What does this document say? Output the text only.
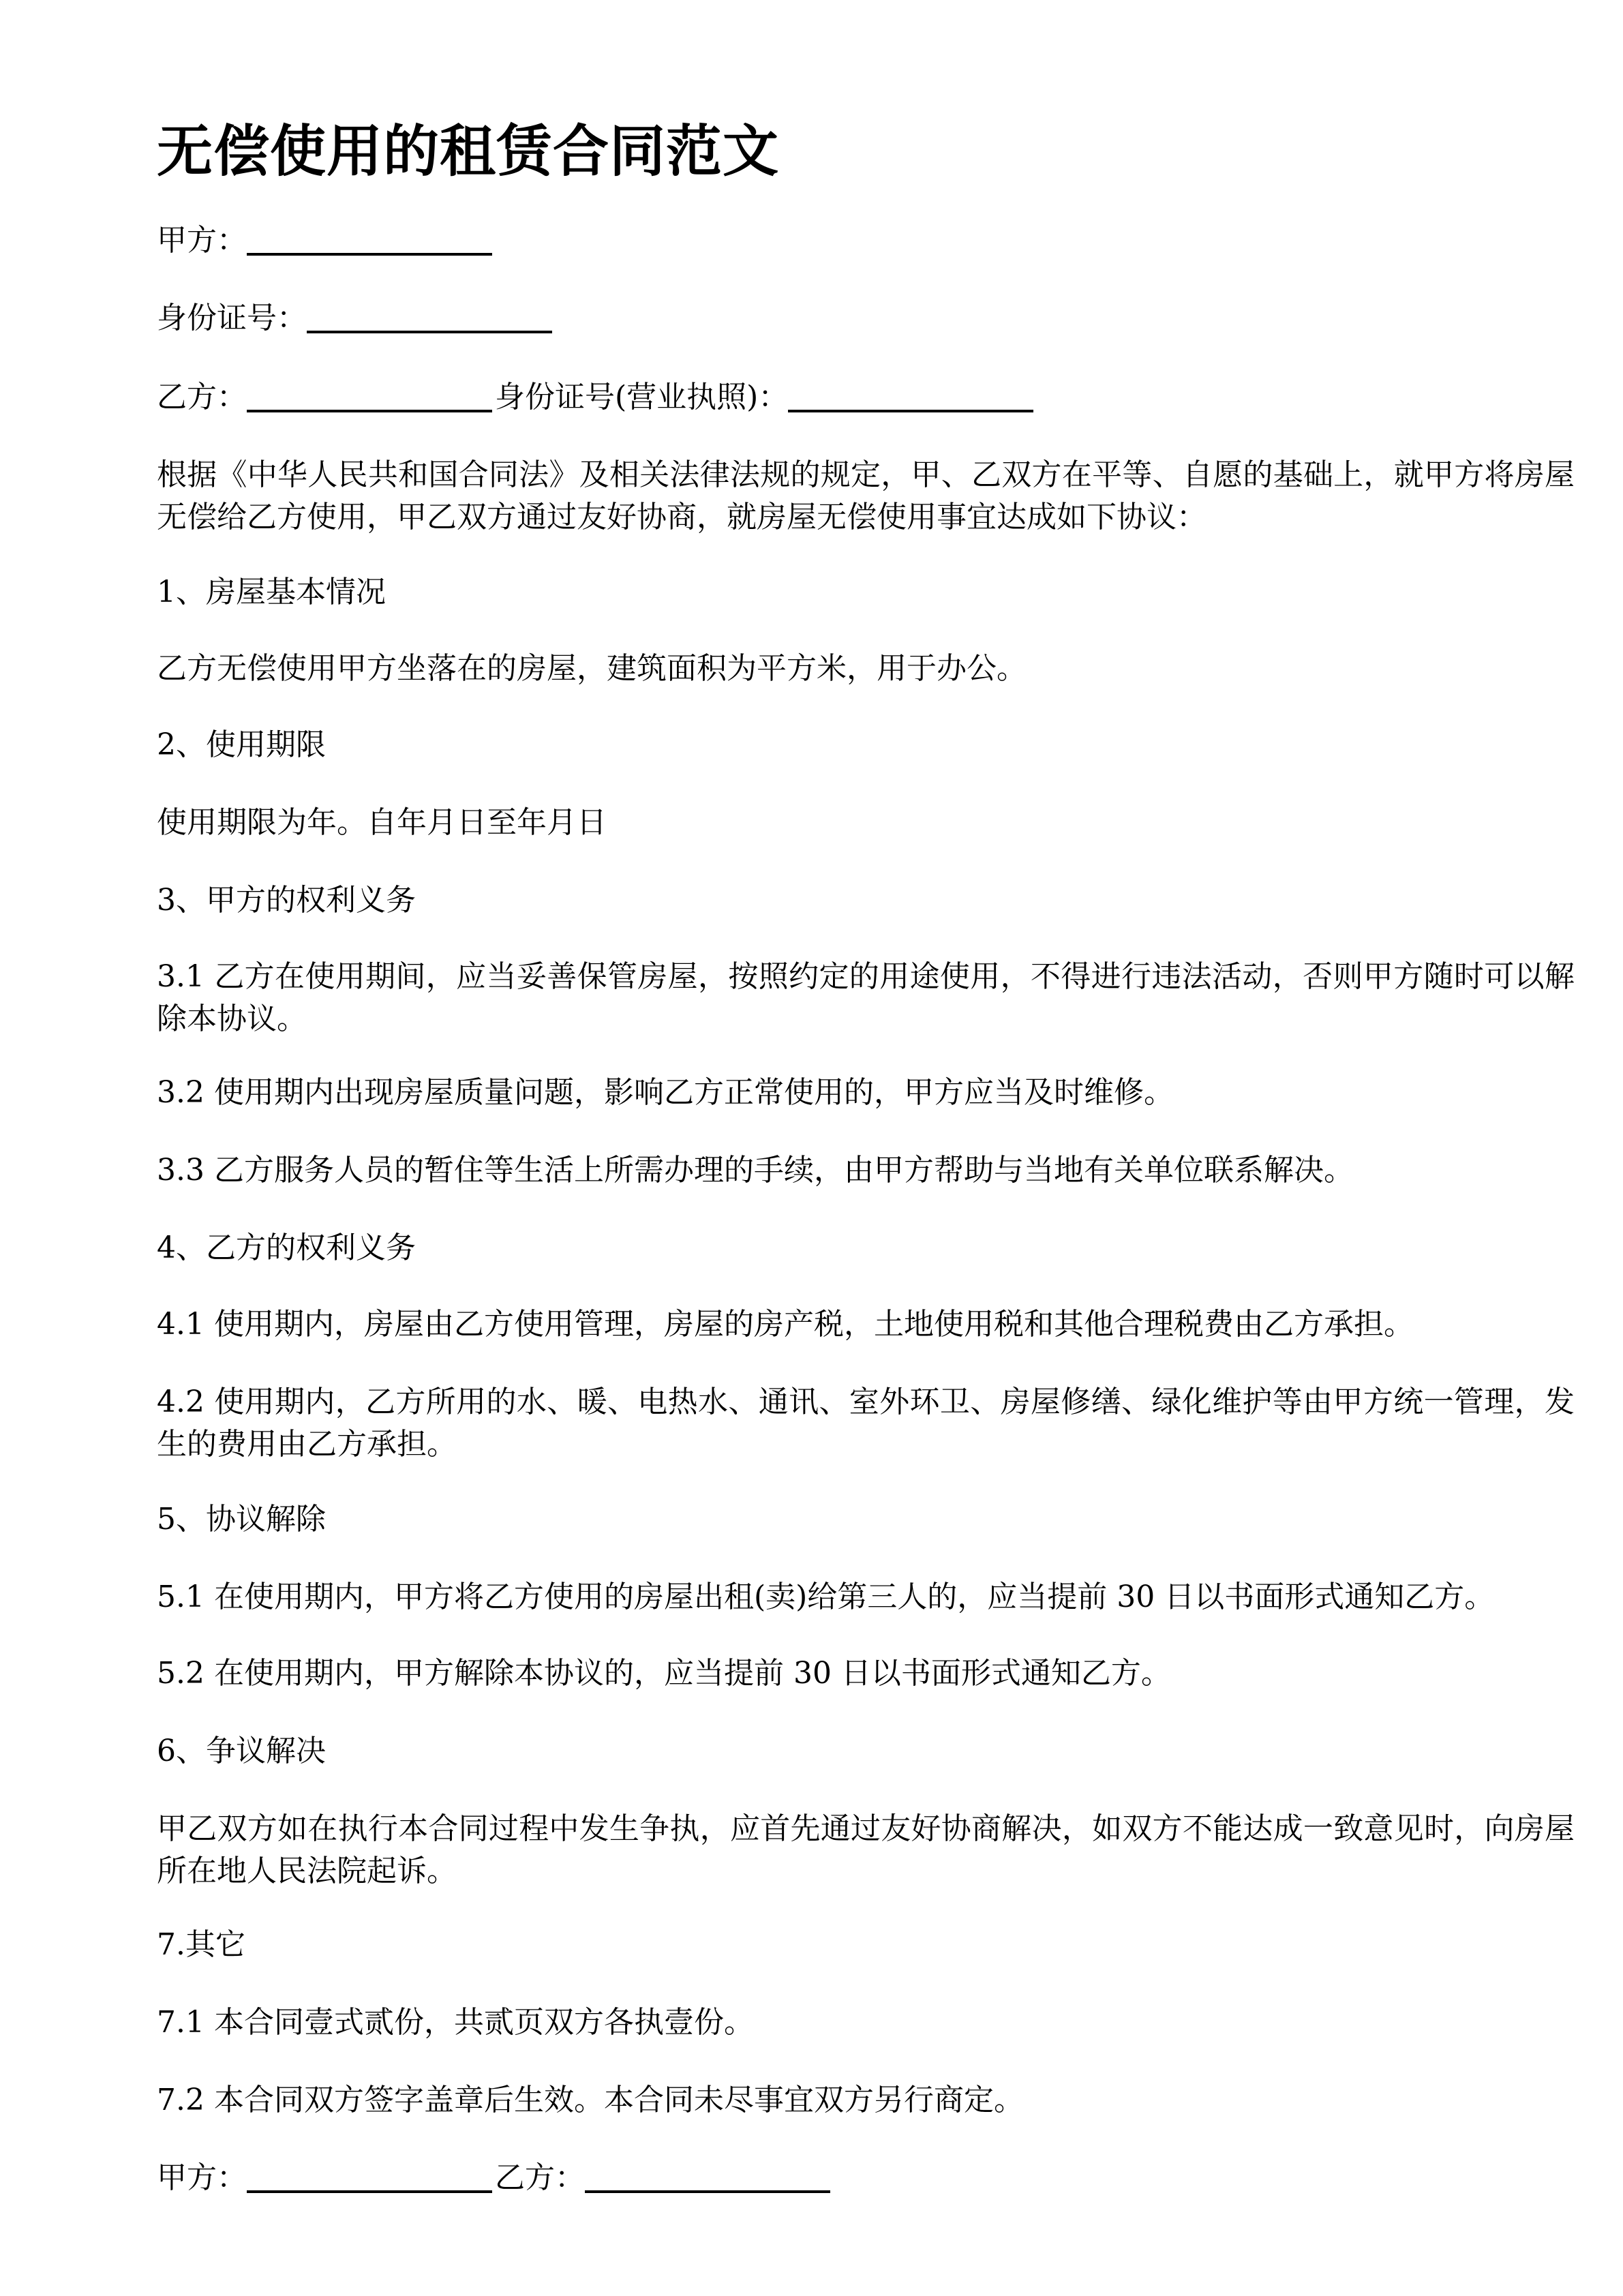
无偿使用的租赁合同范文

甲方：

身份证号：

乙方：	身份证号(营业执照)：

根据《中华人民共和国合同法》及相关法律法规的规定，甲、乙双方在平等、自愿的基础上，就甲方将房屋无偿给乙方使用，甲乙双方通过友好协商，就房屋无偿使用事宜达成如下协议：

1、房屋基本情况

乙方无偿使用甲方坐落在的房屋，建筑面积为平方米，用于办公。

2、使用期限

使用期限为年。自年月日至年月日

3、甲方的权利义务

3.1 乙方在使用期间，应当妥善保管房屋，按照约定的用途使用，不得进行违法活动，否则甲方随时可以解除本协议。

3.2 使用期内出现房屋质量问题，影响乙方正常使用的，甲方应当及时维修。

3.3 乙方服务人员的暂住等生活上所需办理的手续，由甲方帮助与当地有关单位联系解决。

4、乙方的权利义务

4.1 使用期内，房屋由乙方使用管理，房屋的房产税，土地使用税和其他合理税费由乙方承担。

4.2 使用期内，乙方所用的水、暖、电热水、通讯、室外环卫、房屋修缮、绿化维护等由甲方统一管理，发生的费用由乙方承担。

5、协议解除

5.1 在使用期内，甲方将乙方使用的房屋出租(卖)给第三人的，应当提前 30 日以书面形式通知乙方。

5.2 在使用期内，甲方解除本协议的，应当提前 30 日以书面形式通知乙方。

6、争议解决

甲乙双方如在执行本合同过程中发生争执，应首先通过友好协商解决，如双方不能达成一致意见时，向房屋所在地人民法院起诉。

7.其它

7.1 本合同壹式贰份，共贰页双方各执壹份。

7.2 本合同双方签字盖章后生效。本合同未尽事宜双方另行商定。

甲方：	乙方：
